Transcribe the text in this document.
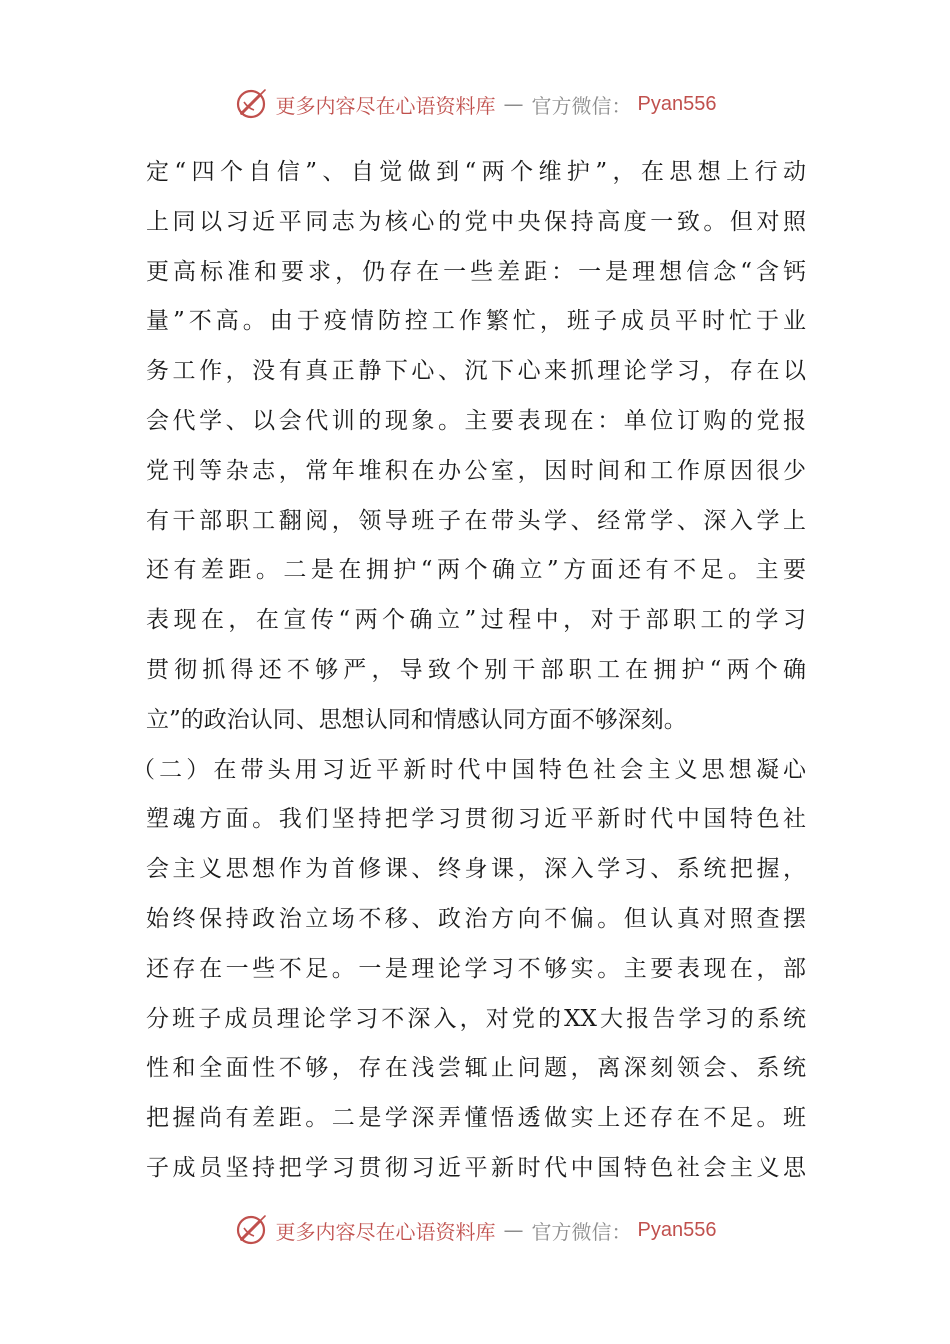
更多内容尽在心语资料库 — 官方微信： Pyan556
定“四个自信”、自觉做到“两个维护”，在思想上行动
上同以习近平同志为核心的党中央保持高度一致。但对照
更高标准和要求，仍存在一些差距：一是理想信念“含钙
量”不高。由于疫情防控工作繁忙，班子成员平时忙于业
务工作，没有真正静下心、沉下心来抓理论学习，存在以
会代学、以会代训的现象。主要表现在：单位订购的党报
党刊等杂志，常年堆积在办公室，因时间和工作原因很少
有干部职工翻阅，领导班子在带头学、经常学、深入学上
还有差距。二是在拥护“两个确立”方面还有不足。主要
表现在，在宣传“两个确立”过程中，对于部职工的学习
贯彻抓得还不够严，导致个别干部职工在拥护“两个确
立”的政治认同、思想认同和情感认同方面不够深刻。
（二）在带头用习近平新时代中国特色社会主义思想凝心
塑魂方面。我们坚持把学习贯彻习近平新时代中国特色社
会主义思想作为首修课、终身课，深入学习、系统把握，
始终保持政治立场不移、政治方向不偏。但认真对照查摆
还存在一些不足。一是理论学习不够实。主要表现在，部
分班子成员理论学习不深入，对党的XX大报告学习的系统
性和全面性不够，存在浅尝辄止问题，离深刻领会、系统
把握尚有差距。二是学深弄懂悟透做实上还存在不足。班
子成员坚持把学习贯彻习近平新时代中国特色社会主义思
更多内容尽在心语资料库 — 官方微信： Pyan556
